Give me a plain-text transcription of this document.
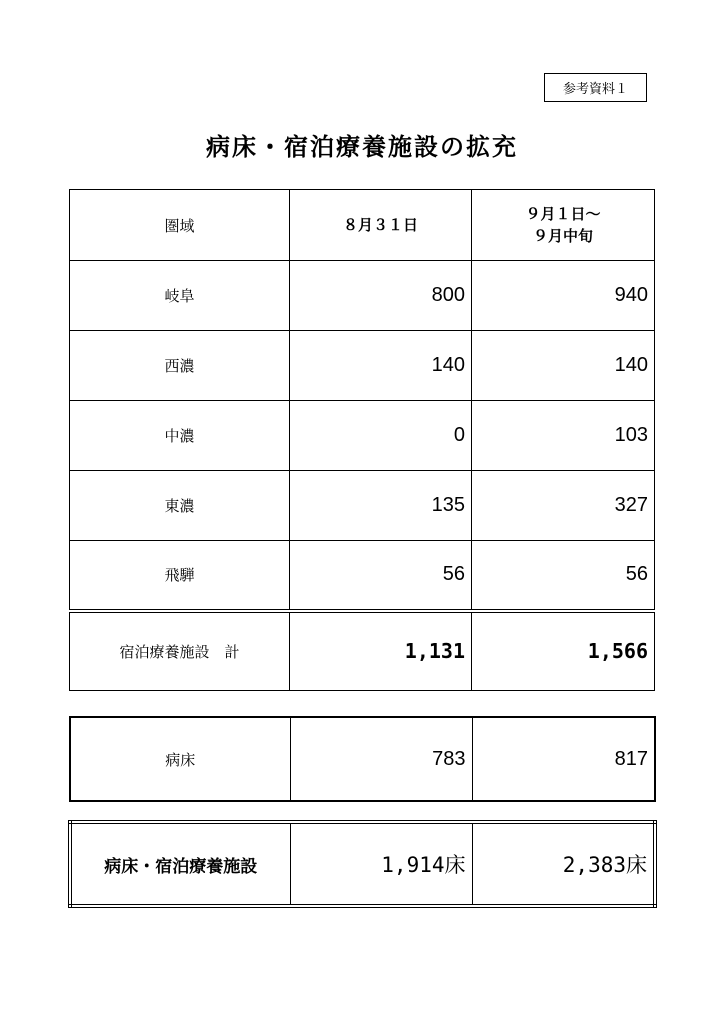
参考資料１
病床・宿泊療養施設の拡充
圏域	８月３１日	９月１日～
９月中旬

岐阜	800	940
西濃	140	140
中濃	0	103
東濃	135	327
飛騨	56	56
宿泊療養施設　計	1,131	1,566
病床	783	817
病床・宿泊療養施設	1,914床	2,383床
